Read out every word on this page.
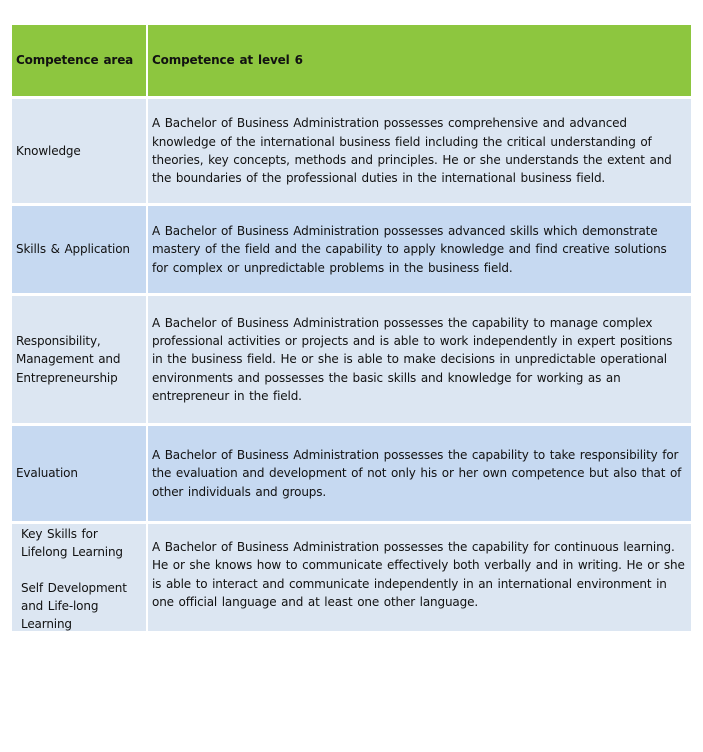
Competence area	Competence at level 6
Knowledge
A Bachelor of Business Administration possesses comprehensive and advanced knowledge of the international business field including the critical understanding of theories, key concepts, methods and principles. He or she understands the extent and the boundaries of the professional duties in the international business field.
Skills & Application
A Bachelor of Business Administration possesses advanced skills which demonstrate mastery of the field and the capability to apply knowledge and find creative solutions for complex or unpredictable problems in the business field.
Responsibility,
Management and
Entrepreneurship
A Bachelor of Business Administration possesses the capability to manage complex professional activities or projects and is able to work independently in expert positions in the business field. He or she is able to make decisions in unpredictable operational environments and possesses the basic skills and knowledge for working as an entrepreneur in the field.
Evaluation
A Bachelor of Business Administration possesses the capability to take responsibility for the evaluation and development of not only his or her own competence but also that of other individuals and groups.
Key Skills for
Lifelong Learning
Self Development
and Life-long
Learning
A Bachelor of Business Administration possesses the capability for continuous learning. He or she knows how to communicate effectively both verbally and in writing. He or she is able to interact and communicate independently in an international environment in one official language and at least one other language.
